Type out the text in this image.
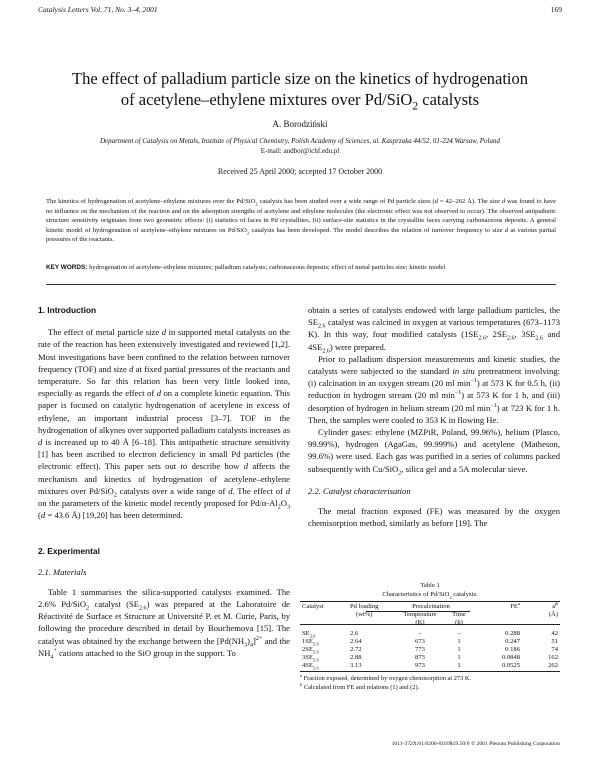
Catalysis Letters Vol. 71, No. 3–4, 2001	169
The effect of palladium particle size on the kinetics of hydrogenation
of acetylene–ethylene mixtures over Pd/SiO$_2$ catalysts
A. Borodziński
Department of Catalysis on Metals, Institute of Physical Chemistry, Polish Academy of Sciences, ul. Kasprzaka 44/52, 01-224 Warsaw, Poland
E-mail: andbor@ichf.edu.pl
Received 25 April 2000; accepted 17 October 2000
The kinetics of hydrogenation of acetylene–ethylene mixtures over the Pd/SiO$_2$ catalysts has been studied over a wide range of Pd particle sizes (d = 42–262 Å). The size d was found to have no influence on the mechanism of the reaction and on the adsorption strengths of acetylene and ethylene molecules (the electronic effect was not observed to occur). The observed antipathetic structure sensitivity originates from two geometric effects: (i) statistics of faces in Pd crystallites, (ii) surface-site statistics in the crystallite faces carrying carbonaceous deposits. A general kinetic model of hydrogenation of acetylene–ethylene mixtures on Pd/SiO$_2$ catalysts has been developed. The model describes the relation of turnover frequency to size d at various partial pressures of the reactants.
KEY WORDS: hydrogenation of acetylene–ethylene mixtures; palladium catalysts; carbonaceous deposits; effect of metal particles size; kinetic model
1. Introduction

The effect of metal particle size d in supported metal catalysts on the rate of the reaction has been extensively investigated and reviewed [1,2]. Most investigations have been confined to the relation between turnover frequency (TOF) and size d at fixed partial pressures of the reactants and temperature. So far this relation has been very little looked into, especially as regards the effect of d on a complete kinetic equation. This paper is focused on catalytic hydrogenation of acetylene in excess of ethylene, an important industrial process [3–7]. TOF in the hydrogenation of alkynes over supported palladium catalysts increases as d is increased up to 40 Å [6–18]. This antipathetic structure sensitivity [1] has been ascribed to electron deficiency in small Pd particles (the electronic effect). This paper sets out to describe how d affects the mechanism and kinetics of hydrogenation of acetylene–ethylene mixtures over Pd/SiO$_2$ catalysts over a wide range of d. The effect of d on the parameters of the kinetic model recently proposed for $Pd/\alpha-Al_2O_3$ (d = 43.6 Å) [19,20] has been determined.

2. Experimental
2.1. Materials

Table 1 summarises the silica-supported catalysts examined. The 2.6% Pd/SiO$_2$ catalyst $(SE_{2.6})$ was prepared at the Laboratoire de Réactivité de Surface et Structure at Université P. et M. Curie, Paris, by following the procedure described in detail by Bouchemova [15]. The catalyst was obtained by the exchange between the $[Pd(NH_3)_4]^{2+}$ and the $NH_4^+$ cations attached to the SiO group in the support. To

obtain a series of catalysts endowed with large palladium particles, the $SE_{2.6}$ catalyst was calcined in oxygen at various temperatures (673–1173 K). In this way, four modified catalysts ($1SE_{2.6}$, $2SE_{2.6}$, $3SE_{2.6}$ and $4SE_{2.6}$) were prepared.

Prior to palladium dispersion measurements and kinetic studies, the catalysts were subjected to the standard in situ pretreatment involving: (i) calcination in an oxygen stream (20 ml $\min^{-1}$) at 573 K for 0.5 h, (ii) reduction in hydrogen stream (20 ml $\min^{-1}$) at 573 K for 1 h, and (iii) desorption of hydrogen in helium stream (20 ml $\min^{-1}$) at 723 K for 1 h. Then, the samples were cooled to 353 K in flowing He.

Cylinder gases: ethylene (MZPiR, Poland, 99.96%), helium (Plasco, 99.99%), hydrogen (AgaGas, 99.999%) and acetylene (Matheson, 99.6%) were used. Each gas was purified in a series of columns packed subsequently with Cu/SiO$_2$, silica gel and a 5A molecular sieve.

2.2. Catalyst characterisation

The metal fraction exposed (FE) was measured by the oxygen chemisorption method, similarly as before [19]. The

Table 1
Characteristics of Pd/SiO$_2$ catalysts.
Catalyst	Pd loading	Precalcination		$FE^a$	$d^b$
	(wt%)	Temperature	Time		(Å)
		(K)	(h)		

$SE_{2.6}$	2.6	–	–	0.288	42
$1SE_{2.6}$	2.64	673	1	0.247	51
$2SE_{2.6}$	2.72	773	1	0.186	74
$3SE_{2.6}$	2.88	873	1	0.0848	162
$4SE_{2.6}$	3.13	973	1	0.0525	262
$^a$ Fraction exposed, determined by oxygen chemisorption at 273 K.
$^b$ Calculated from FE and relations (1) and (2).
1011-372X/01/0200-0169$19.50/0 © 2001 Plenum Publishing Corporation
